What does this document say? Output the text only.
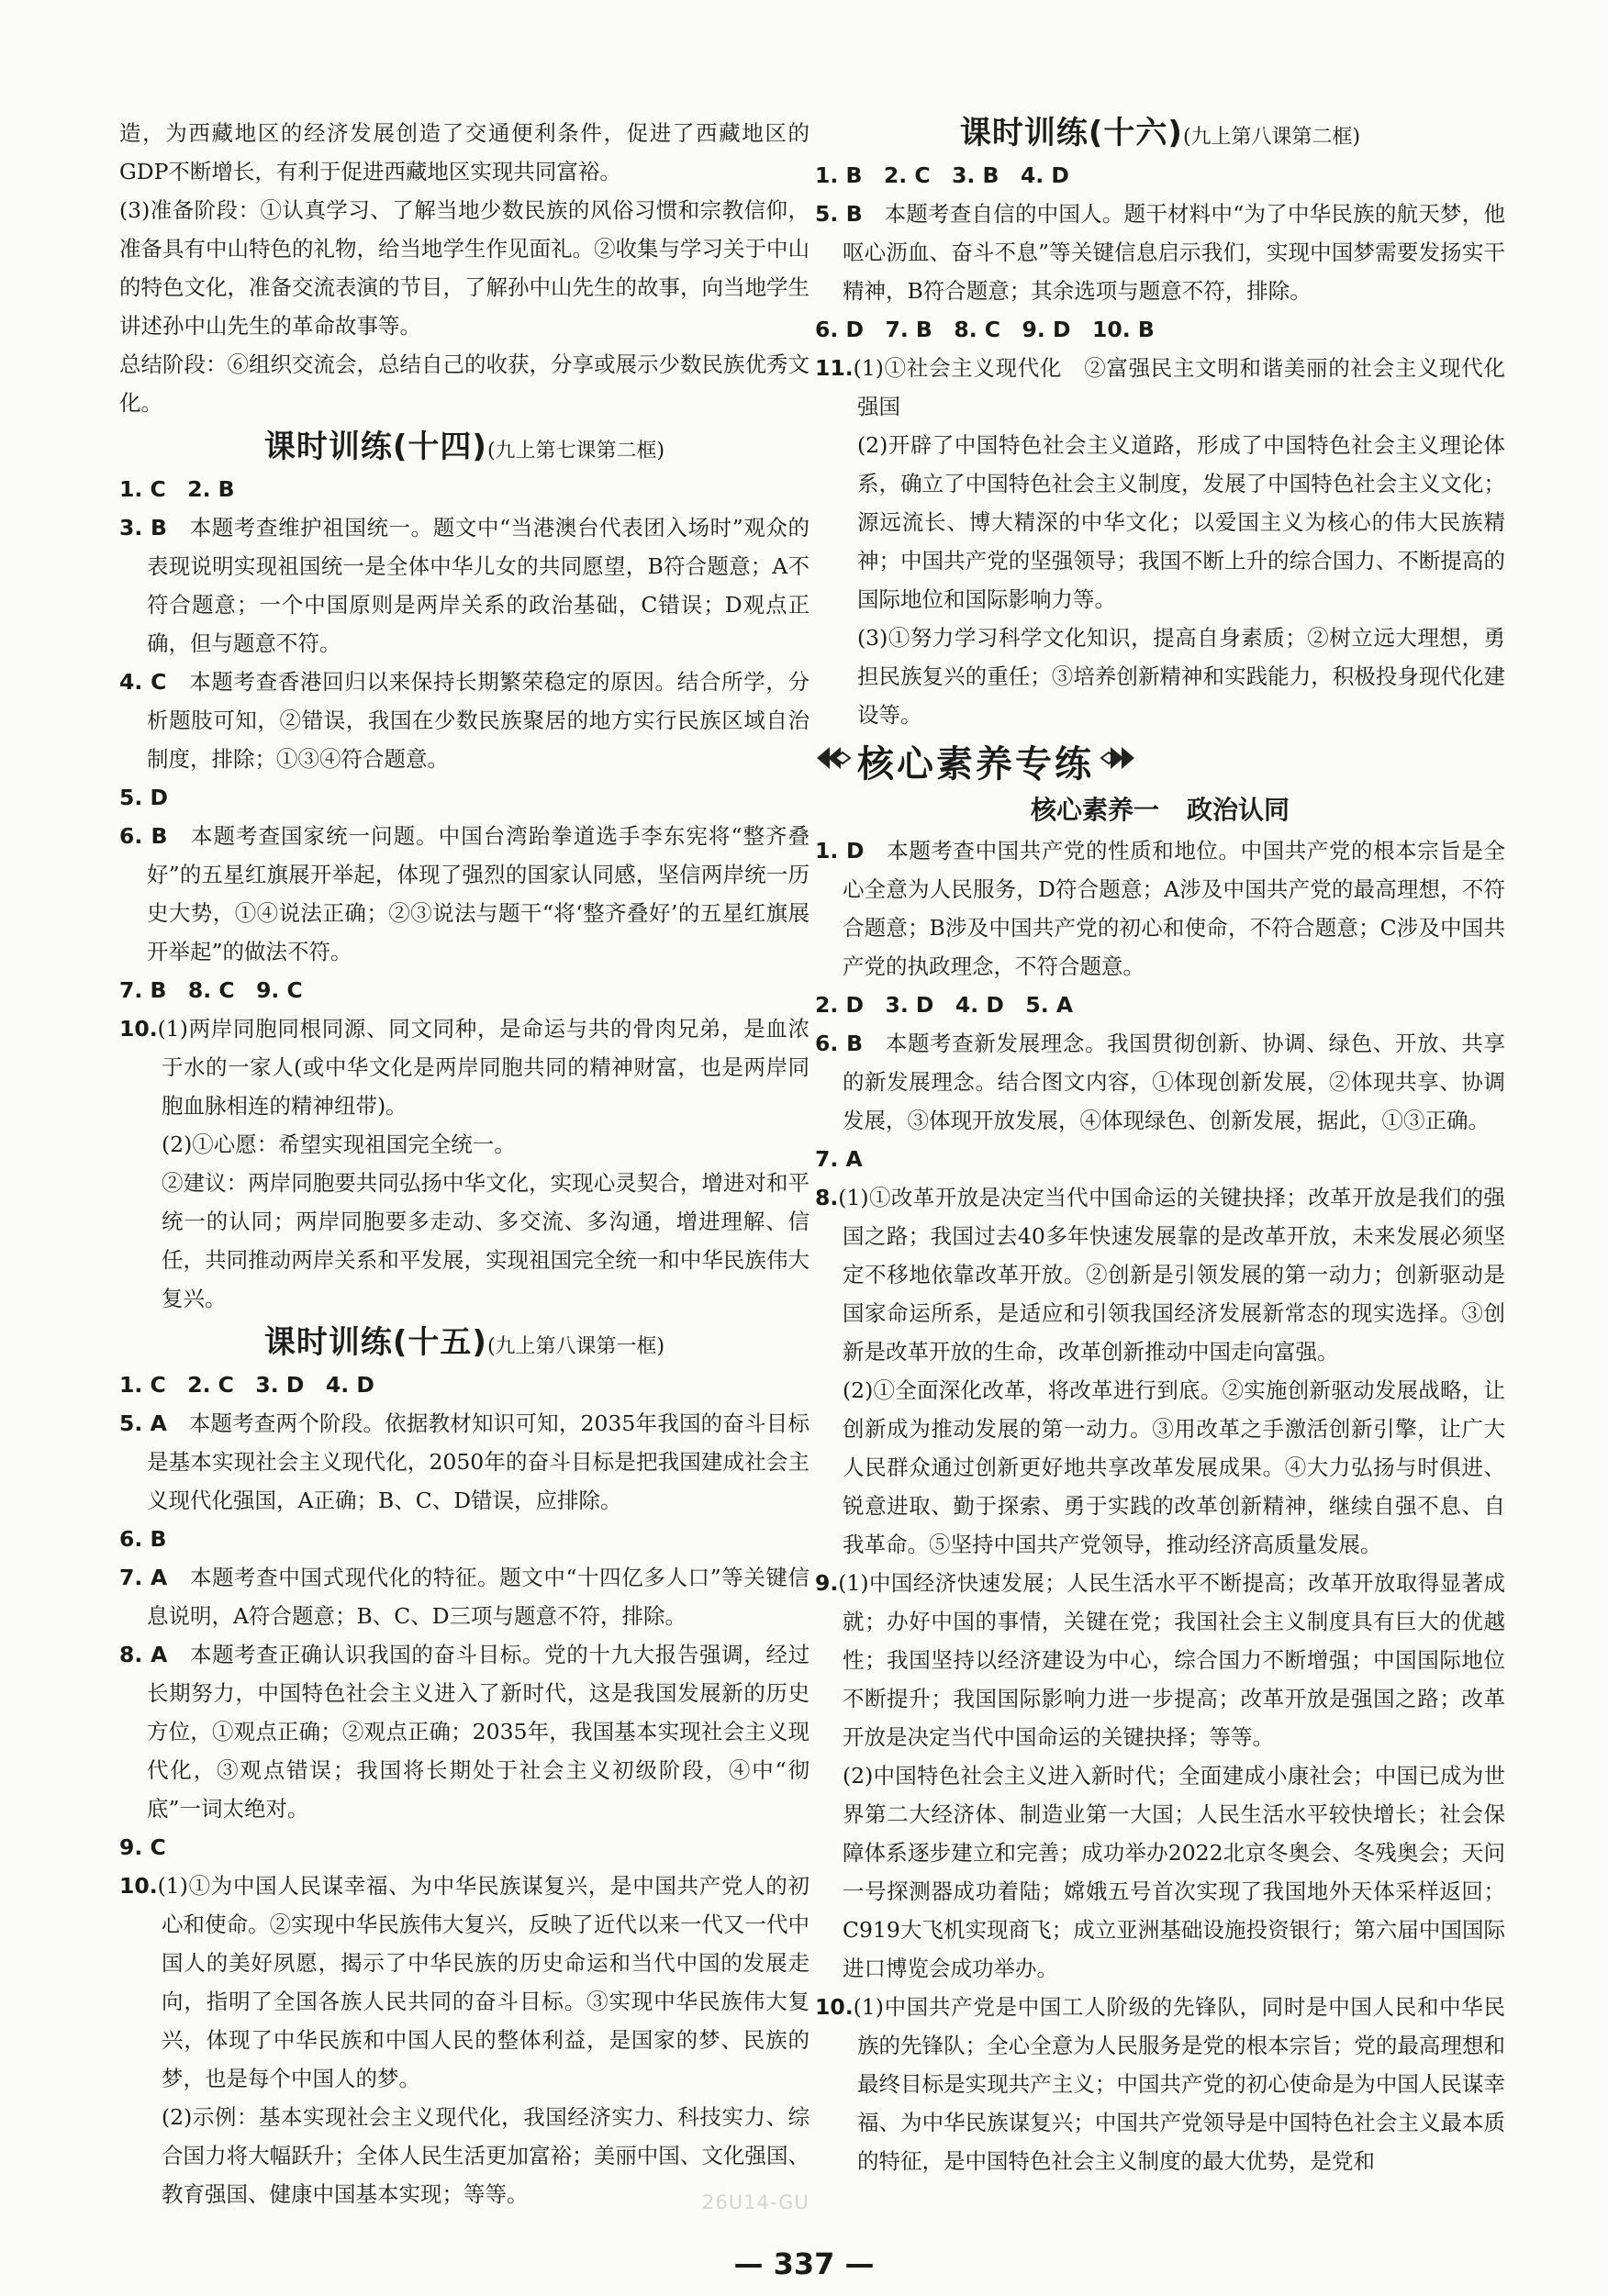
造，为西藏地区的经济发展创造了交通便利条件，促进了西藏地区的GDP不断增长，有利于促进西藏地区实现共同富裕。

(3)准备阶段：①认真学习、了解当地少数民族的风俗习惯和宗教信仰，准备具有中山特色的礼物，给当地学生作见面礼。②收集与学习关于中山的特色文化，准备交流表演的节目，了解孙中山先生的故事，向当地学生讲述孙中山先生的革命故事等。

总结阶段：⑥组织交流会，总结自己的收获，分享或展示少数民族优秀文化。

课时训练(十四)(九上第七课第二框)

1. C　 2. B

3. B　 本题考查维护祖国统一。题文中“当港澳台代表团入场时”观众的表现说明实现祖国统一是全体中华儿女的共同愿望，B符合题意；A不符合题意；一个中国原则是两岸关系的政治基础，C错误；D观点正确，但与题意不符。

4. C　 本题考查香港回归以来保持长期繁荣稳定的原因。结合所学，分析题肢可知，②错误，我国在少数民族聚居的地方实行民族区域自治制度，排除；①③④符合题意。

5. D

6. B　 本题考查国家统一问题。中国台湾跆拳道选手李东宪将“整齐叠好”的五星红旗展开举起，体现了强烈的国家认同感，坚信两岸统一历史大势，①④说法正确；②③说法与题干“将‘整齐叠好’的五星红旗展开举起”的做法不符。

7. B　 8. C　9. C

10.(1)两岸同胞同根同源、同文同种，是命运与共的骨肉兄弟，是血浓于水的一家人(或中华文化是两岸同胞共同的精神财富，也是两岸同胞血脉相连的精神纽带)。

(2)①心愿：希望实现祖国完全统一。

②建议：两岸同胞要共同弘扬中华文化，实现心灵契合，增进对和平统一的认同；两岸同胞要多走动、多交流、多沟通，增进理解、信任，共同推动两岸关系和平发展，实现祖国完全统一和中华民族伟大复兴。

课时训练(十五)(九上第八课第一框)

1. C　 2. C　3. D　4. D

5. A　 本题考查两个阶段。依据教材知识可知，2035年我国的奋斗目标是基本实现社会主义现代化，2050年的奋斗目标是把我国建成社会主义现代化强国，A正确；B、C、D错误，应排除。

6. B

7. A　 本题考查中国式现代化的特征。题文中“十四亿多人口”等关键信息说明，A符合题意；B、C、D三项与题意不符，排除。

8. A　 本题考查正确认识我国的奋斗目标。党的十九大报告强调，经过长期努力，中国特色社会主义进入了新时代，这是我国发展新的历史方位，①观点正确；②观点正确；2035年，我国基本实现社会主义现代化，③观点错误；我国将长期处于社会主义初级阶段，④中“彻底”一词太绝对。

9. C

10.(1)①为中国人民谋幸福、为中华民族谋复兴，是中国共产党人的初心和使命。②实现中华民族伟大复兴，反映了近代以来一代又一代中国人的美好夙愿，揭示了中华民族的历史命运和当代中国的发展走向，指明了全国各族人民共同的奋斗目标。③实现中华民族伟大复兴，体现了中华民族和中国人民的整体利益，是国家的梦、民族的梦，也是每个中国人的梦。

(2)示例：基本实现社会主义现代化，我国经济实力、科技实力、综合国力将大幅跃升；全体人民生活更加富裕；美丽中国、文化强国、教育强国、健康中国基本实现；等等。

课时训练(十六)(九上第八课第二框)

1. B　 2. C　3. B　4. D

5. B　 本题考查自信的中国人。题干材料中“为了中华民族的航天梦，他呕心沥血、奋斗不息”等关键信息启示我们，实现中国梦需要发扬实干精神，B符合题意；其余选项与题意不符，排除。

6. D　 7. B　8. C　9. D　10. B

11.(1)①社会主义现代化　②富强民主文明和谐美丽的社会主义现代化强国

(2)开辟了中国特色社会主义道路，形成了中国特色社会主义理论体系，确立了中国特色社会主义制度，发展了中国特色社会主义文化；源远流长、博大精深的中华文化；以爱国主义为核心的伟大民族精神；中国共产党的坚强领导；我国不断上升的综合国力、不断提高的国际地位和国际影响力等。

(3)①努力学习科学文化知识，提高自身素质；②树立远大理想，勇担民族复兴的重任；③培养创新精神和实践能力，积极投身现代化建设等。

核心素养专练
核心素养一 政治认同

1. D　 本题考查中国共产党的性质和地位。中国共产党的根本宗旨是全心全意为人民服务，D符合题意；A涉及中国共产党的最高理想，不符合题意；B涉及中国共产党的初心和使命，不符合题意；C涉及中国共产党的执政理念，不符合题意。

2. D　 3. D　4. D　5. A

6. B　 本题考查新发展理念。我国贯彻创新、协调、绿色、开放、共享的新发展理念。结合图文内容，①体现创新发展，②体现共享、协调发展，③体现开放发展，④体现绿色、创新发展，据此，①③正确。

7. A

8.(1)①改革开放是决定当代中国命运的关键抉择；改革开放是我们的强国之路；我国过去40多年快速发展靠的是改革开放，未来发展必须坚定不移地依靠改革开放。②创新是引领发展的第一动力；创新驱动是国家命运所系，是适应和引领我国经济发展新常态的现实选择。③创新是改革开放的生命，改革创新推动中国走向富强。

(2)①全面深化改革，将改革进行到底。②实施创新驱动发展战略，让创新成为推动发展的第一动力。③用改革之手激活创新引擎，让广大人民群众通过创新更好地共享改革发展成果。④大力弘扬与时俱进、锐意进取、勤于探索、勇于实践的改革创新精神，继续自强不息、自我革命。⑤坚持中国共产党领导，推动经济高质量发展。

9.(1)中国经济快速发展；人民生活水平不断提高；改革开放取得显著成就；办好中国的事情，关键在党；我国社会主义制度具有巨大的优越性；我国坚持以经济建设为中心，综合国力不断增强；中国国际地位不断提升；我国国际影响力进一步提高；改革开放是强国之路；改革开放是决定当代中国命运的关键抉择；等等。

(2)中国特色社会主义进入新时代；全面建成小康社会；中国已成为世界第二大经济体、制造业第一大国；人民生活水平较快增长；社会保障体系逐步建立和完善；成功举办2022北京冬奥会、冬残奥会；天问一号探测器成功着陆；嫦娥五号首次实现了我国地外天体采样返回；C919大飞机实现商飞；成立亚洲基础设施投资银行；第六届中国国际进口博览会成功举办。

10.(1)中国共产党是中国工人阶级的先锋队，同时是中国人民和中华民族的先锋队；全心全意为人民服务是党的根本宗旨；党的最高理想和最终目标是实现共产主义；中国共产党的初心使命是为中国人民谋幸福、为中华民族谋复兴；中国共产党领导是中国特色社会主义最本质的特征，是中国特色社会主义制度的最大优势，是党和

26U14-GU
— 337 —
